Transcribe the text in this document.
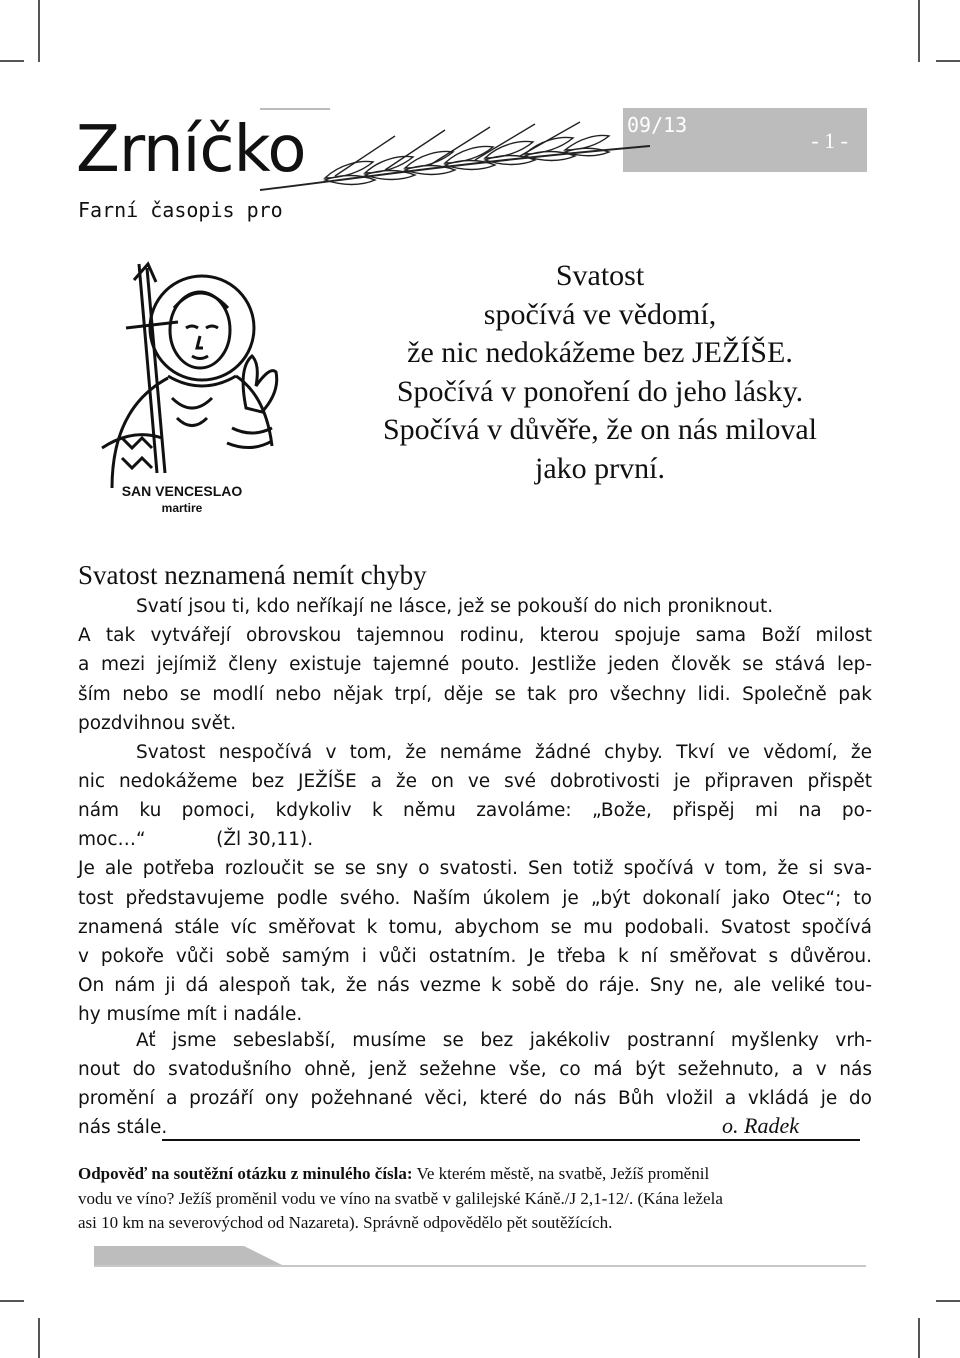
Zrníčko
Farní časopis pro
09/13
- 1 -
SAN VENCESLAO
martire
Svatost
spočívá ve vědomí,
že nic nedokážeme bez JEŽÍŠE.
Spočívá v ponoření do jeho lásky.
Spočívá v důvěře, že on nás miloval
jako první.
Svatost neznamená nemít chyby
Svatí jsou ti, kdo neříkají ne lásce, jež se pokouší do nich proniknout.
A tak vytvářejí obrovskou tajemnou rodinu, kterou spojuje sama Boží milost
a mezi jejímiž členy existuje tajemné pouto. Jestliže jeden člověk se stává lep-
ším nebo se modlí nebo nějak trpí, děje se tak pro všechny lidi. Společně pak
pozdvihnou svět.
Svatost nespočívá v tom, že nemáme žádné chyby. Tkví ve vědomí, že
nic nedokážeme bez JEŽÍŠE a že on ve své dobrotivosti je připraven přispět
nám ku pomoci, kdykoliv k němu zavoláme: „Bože, přispěj mi na po-
moc…“            (Žl 30,11).
Je ale potřeba rozloučit se se sny o svatosti. Sen totiž spočívá v tom, že si sva-
tost představujeme podle svého. Naším úkolem je „být dokonalí jako Otec“; to
znamená stále víc směřovat k tomu, abychom se mu podobali. Svatost spočívá
v pokoře vůči sobě samým i vůči ostatním. Je třeba k ní směřovat s důvěrou.
On nám ji dá alespoň tak, že nás vezme k sobě do ráje. Sny ne, ale veliké tou-
hy musíme mít i nadále.
Ať jsme sebeslabší, musíme se bez jakékoliv postranní myšlenky vrh-
nout do svatodušního ohně, jenž sežehne vše, co má být sežehnuto, a v nás
promění a prozáří ony požehnané věci, které do nás Bůh vložil a vkládá je do
nás stále.	o. Radek
Odpověď na soutěžní otázku z minulého čísla: Ve kterém městě, na svatbě, Ježíš proměnil
vodu ve víno? Ježíš proměnil vodu ve víno na svatbě v galilejské Káně./J 2,1-12/. (Kána ležela
asi 10 km na severovýchod od Nazareta). Správně odpovědělo pět soutěžících.
